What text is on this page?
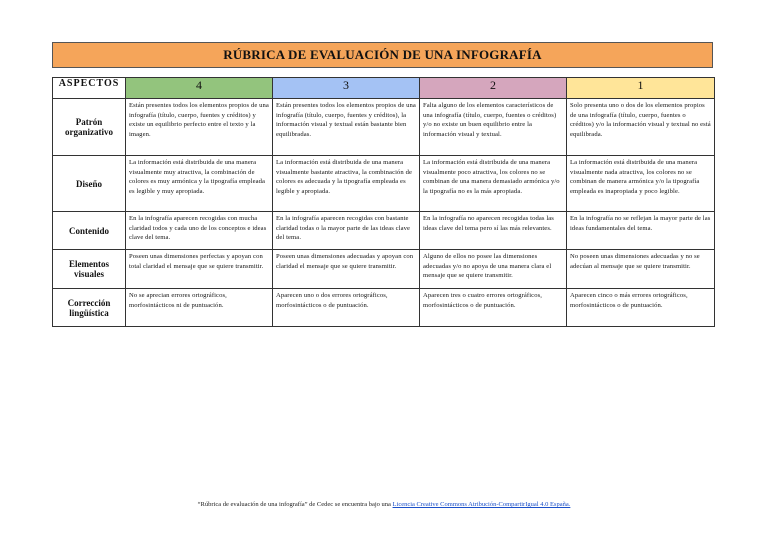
RÚBRICA DE EVALUACIÓN DE UNA INFOGRAFÍA
ASPECTOS	4	3	2	1
Patrón organizativo	Están presentes todos los elementos propios de una infografía (título, cuerpo, fuentes y créditos) y existe un equilibrio perfecto entre el texto y la imagen.	Están presentes todos los elementos propios de una infografía (título, cuerpo, fuentes y créditos), la información visual y textual están bastante bien equilibradas.	Falta alguno de los elementos característicos de una infografía (título, cuerpo, fuentes o créditos) y/o no existe un buen equilibrio entre la información visual y textual.	Solo presenta uno o dos de los elementos propios de una infografía (título, cuerpo, fuentes o créditos) y/o la información visual y textual no está equilibrada.
Diseño	La información está distribuida de una manera visualmente muy atractiva, la combinación de colores es muy armónica y la tipografía empleada es legible y muy apropiada.	La información está distribuida de una manera visualmente bastante atractiva, la combinación de colores es adecuada y la tipografía empleada es legible y apropiada.	La información está distribuida de una manera visualmente poco atractiva, los colores no se combinan de una manera demasiado armónica y/o la tipografía no es la más apropiada.	La información está distribuida de una manera visualmente nada atractiva, los colores no se combinan de manera armónica y/o la tipografía empleada es inapropiada y poco legible.
Contenido	En la infografía aparecen recogidas con mucha claridad todos y cada uno de los conceptos e ideas clave del tema.	En la infografía aparecen recogidas con bastante claridad todas o la mayor parte de las ideas clave del tema.	En la infografía no aparecen recogidas todas las ideas clave del tema pero sí las más relevantes.	En la infografía no se reflejan la mayor parte de las ideas fundamentales del tema.
Elementos visuales	Poseen unas dimensiones perfectas y apoyan con total claridad el mensaje que se quiere transmitir.	Poseen unas dimensiones adecuadas y apoyan con claridad el mensaje que se quiere transmitir.	Alguno de ellos no posee las dimensiones adecuadas y/o no apoya de una manera clara el mensaje que se quiere transmitir.	No poseen unas dimensiones adecuadas y no se adecúan al mensaje que se quiere transmitir.
Corrección lingüística	No se aprecian errores ortográficos, morfosintácticos ni de puntuación.	Aparecen uno o dos errores ortográficos, morfosintácticos o de puntuación.	Aparecen tres o cuatro errores ortográficos, morfosintácticos o de puntuación.	Aparecen cinco o más errores ortográficos, morfosintácticos o de puntuación.
“Rúbrica de evaluación de una infografía” de Cedec se encuentra bajo una Licencia Creative Commons Atribución-CompartirIgual 4.0 España.
